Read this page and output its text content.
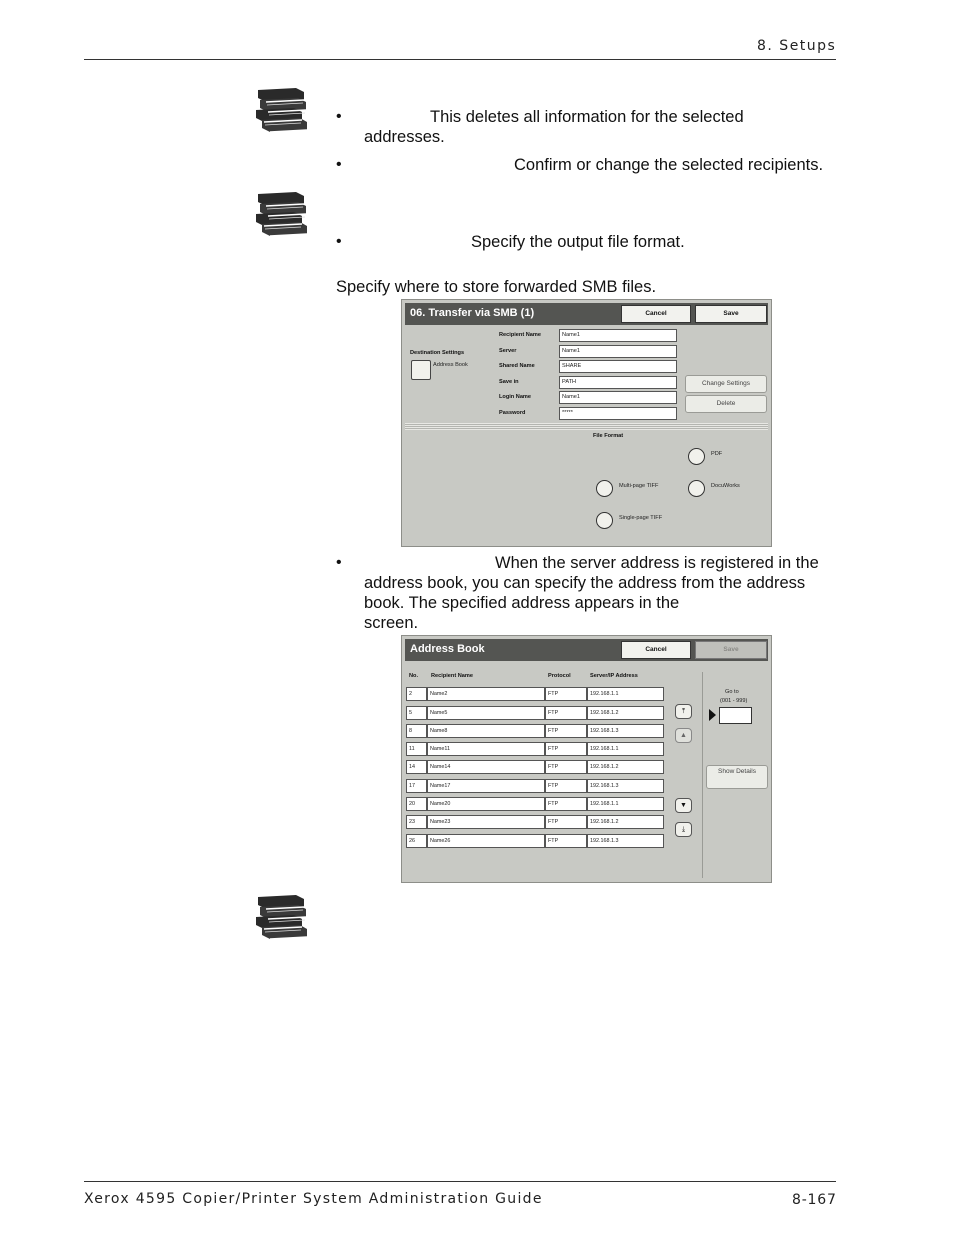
8. Setups
•	This deletes all information for the selected
addresses.
•	Confirm or change the selected recipients.
•	Specify the output file format.
Specify where to store forwarded SMB files.
06. Transfer via SMB (1)	Cancel	Save
Destination Settings
Address Book
Recipient Name	Name1
Server	Name1
Shared Name	SHARE
Save in	PATH
Login Name	Name1
Password	*****
Change Settings
Delete
File Format
PDF
Multi-page TIFF	DocuWorks
Single-page TIFF
•	When the server address is registered in the
address book, you can specify the address from the address
book. The specified address appears in the
screen.
Address Book	Cancel	Save
No. Recipient Name	Protocol	Server/IP Address
2	Name2	FTP	192.168.1.1
5	Name5	FTP	192.168.1.2
8	Name8	FTP	192.168.1.3
11	Name11	FTP	192.168.1.1
14	Name14	FTP	192.168.1.2
17	Name17	FTP	192.168.1.3
20	Name20	FTP	192.168.1.1
23	Name23	FTP	192.168.1.2
26	Name26	FTP	192.168.1.3
⤒
▲
▼
⤓
Go to
(001 - 999)
Show Details
Xerox 4595 Copier/Printer System Administration Guide	8-167
